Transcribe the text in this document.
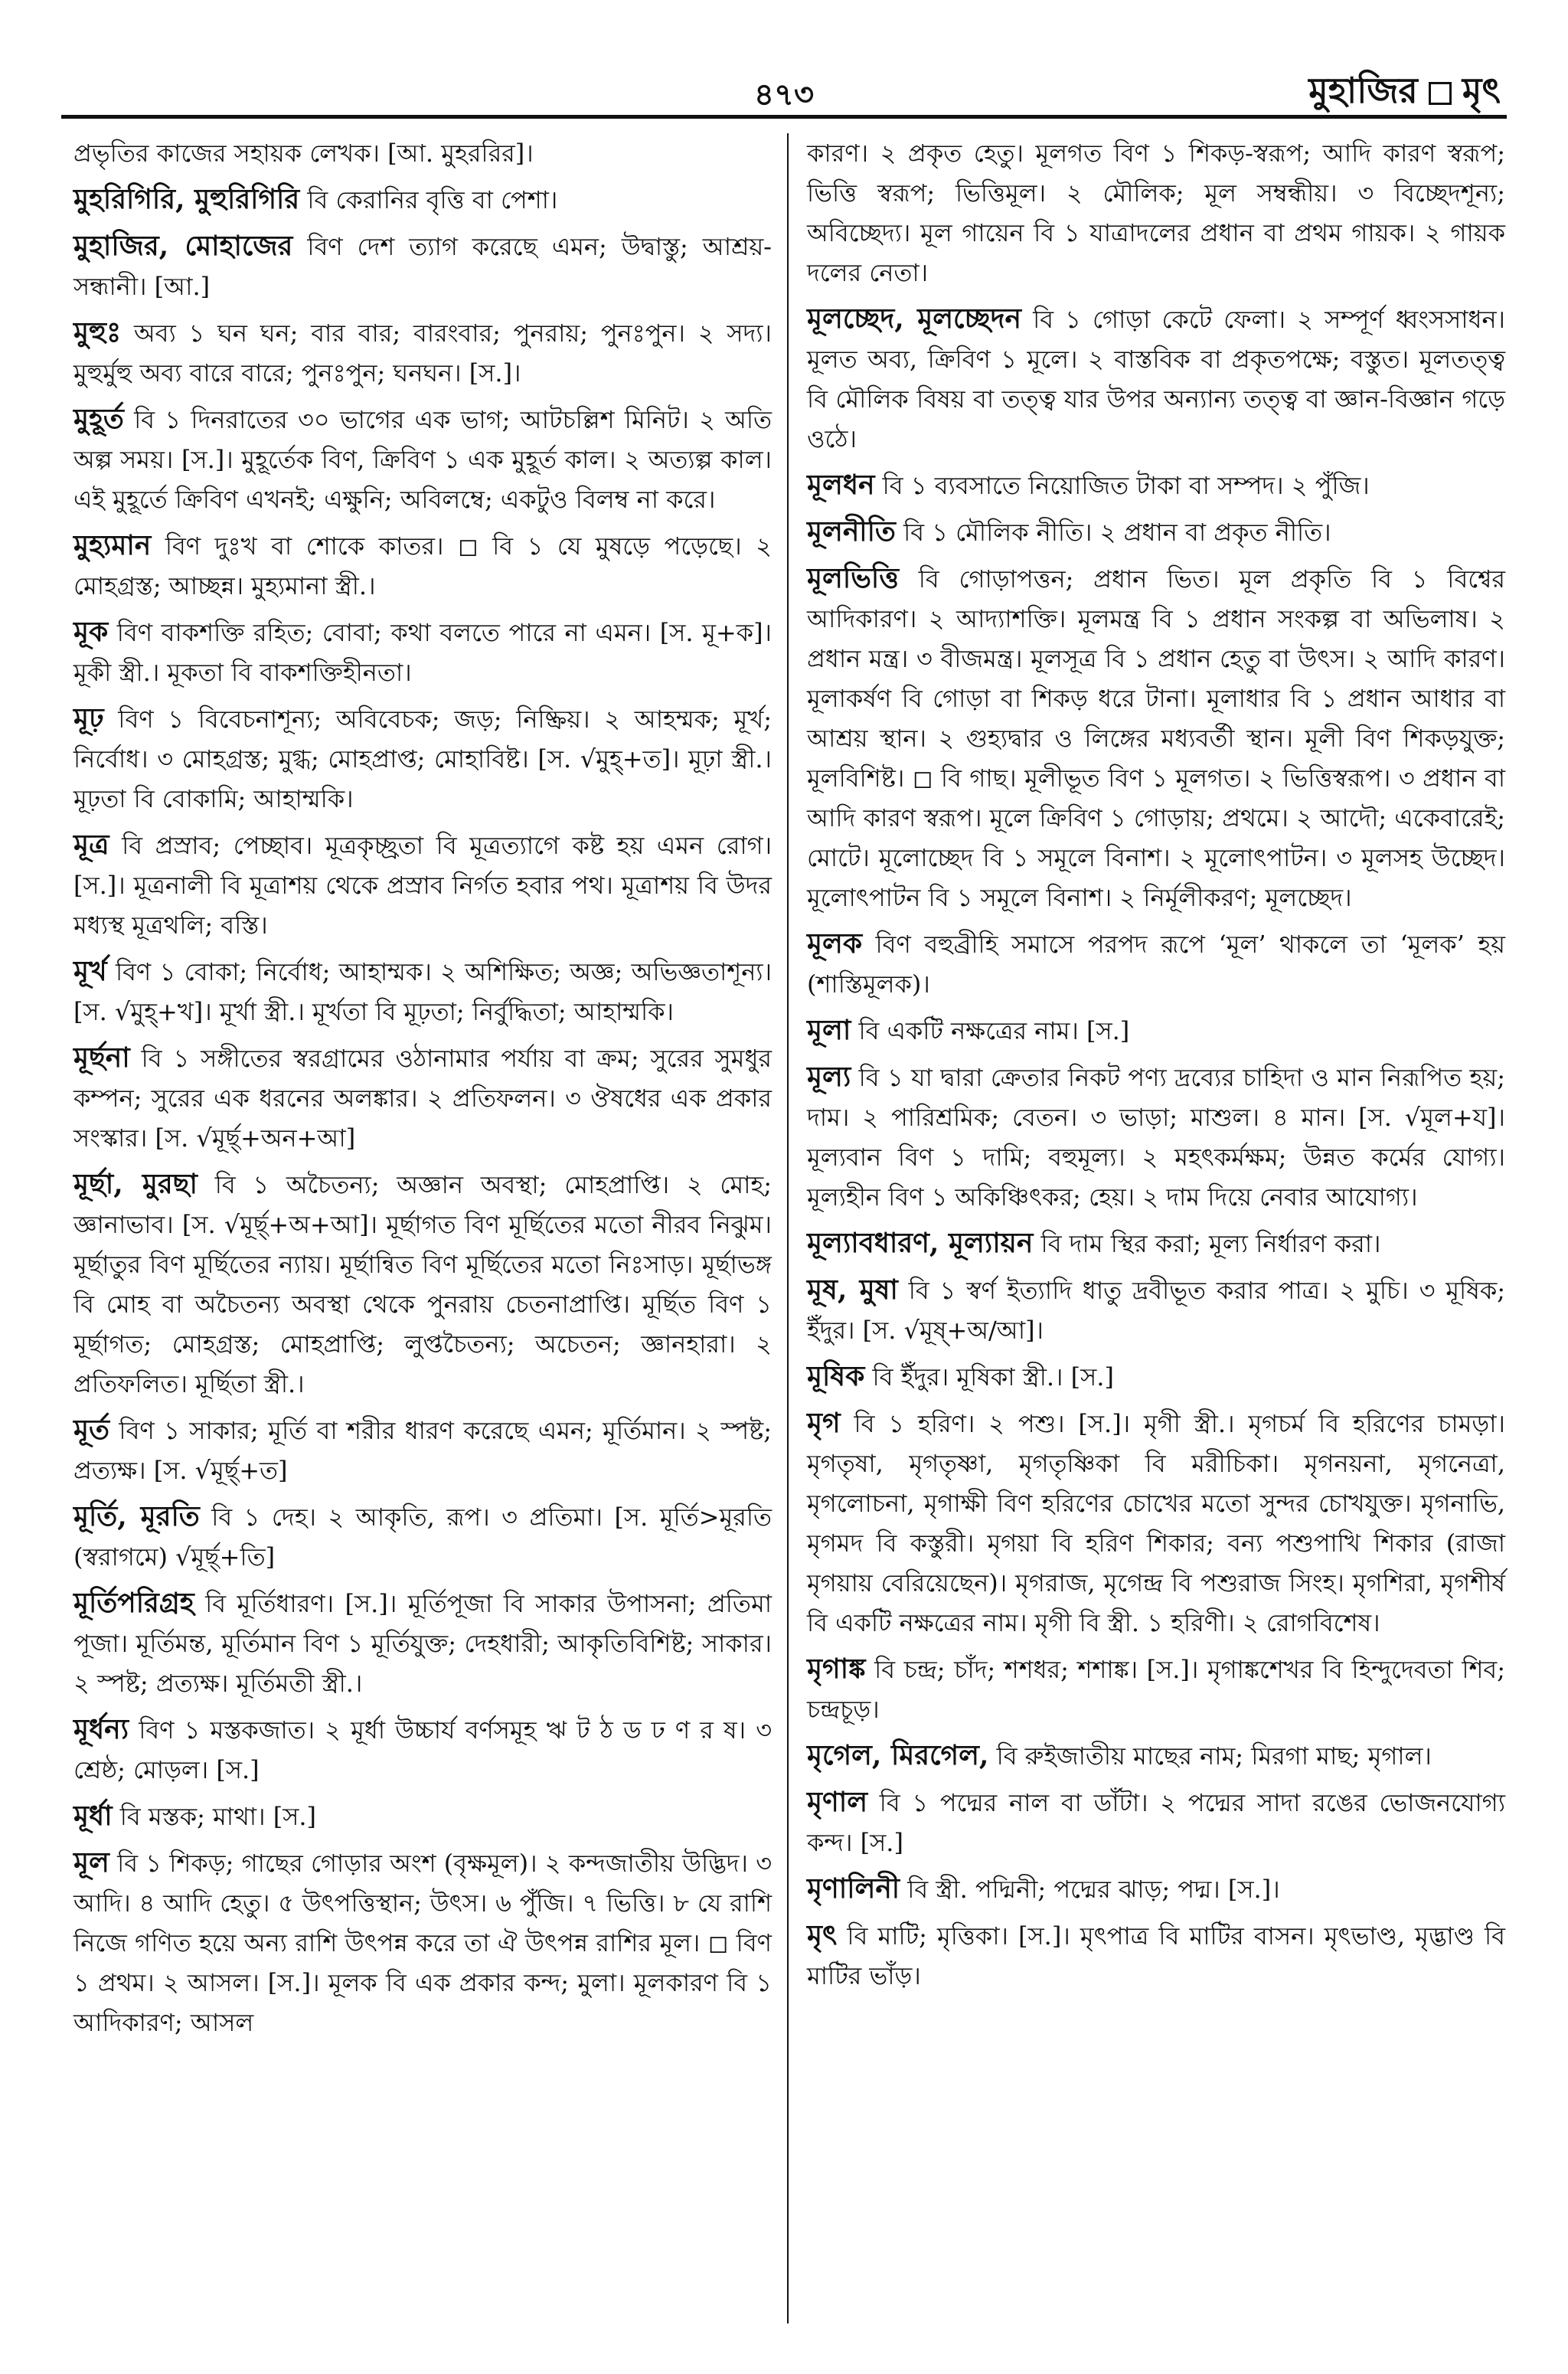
৪৭৩	মুহাজির মৃৎ

প্রভৃতির কাজের সহায়ক লেখক। [আ. মুহররির]।

মুহরিগিরি, মুহুরিগিরি বি কেরানির বৃত্তি বা পেশা।

মুহাজির, মোহাজের বিণ দেশ ত্যাগ করেছে এমন; উদ্বাস্তু; আশ্রয়-সন্ধানী। [আ.]

মুহুঃ অব্য ১ ঘন ঘন; বার বার; বারংবার; পুনরায়; পুনঃপুন। ২ সদ্য। মুহুর্মুহু অব্য বারে বারে; পুনঃপুন; ঘনঘন। [স.]।

মুহূর্ত বি ১ দিনরাতের ৩০ ভাগের এক ভাগ; আটচল্লিশ মিনিট। ২ অতি অল্প সময়। [স.]। মুহূর্তেক বিণ, ক্রিবিণ ১ এক মুহূর্ত কাল। ২ অত্যল্প কাল। এই মুহূর্তে ক্রিবিণ এখনই; এক্ষুনি; অবিলম্বে; একটুও বিলম্ব না করে।

মুহ্যমান বিণ দুঃখ বা শোকে কাতর। ◻ বি ১ যে মুষড়ে পড়েছে। ২ মোহগ্রস্ত; আচ্ছন্ন। মুহ্যমানা স্ত্রী.।

মূক বিণ বাকশক্তি রহিত; বোবা; কথা বলতে পারে না এমন। [স. মূ+ক]। মূকী স্ত্রী.। মূকতা বি বাকশক্তিহীনতা।

মূঢ় বিণ ১ বিবেচনাশূন্য; অবিবেচক; জড়; নিষ্ক্রিয়। ২ আহম্মক; মূর্খ; নির্বোধ। ৩ মোহগ্রস্ত; মুগ্ধ; মোহপ্রাপ্ত; মোহাবিষ্ট। [স. √মুহ্+ত]। মূঢ়া স্ত্রী.। মূঢ়তা বি বোকামি; আহাম্মকি।

মূত্র বি প্রস্রাব; পেচ্ছাব। মূত্রকৃচ্ছ্রতা বি মূত্রত্যাগে কষ্ট হয় এমন রোগ। [স.]। মূত্রনালী বি মূত্রাশয় থেকে প্রস্রাব নির্গত হবার পথ। মূত্রাশয় বি উদর মধ্যস্থ মূত্রথলি; বস্তি।

মূর্খ বিণ ১ বোকা; নির্বোধ; আহাম্মক। ২ অশিক্ষিত; অজ্ঞ; অভিজ্ঞতাশূন্য। [স. √মুহ্+খ]। মূর্খা স্ত্রী.। মূর্খতা বি মূঢ়তা; নির্বুদ্ধিতা; আহাম্মকি।

মূর্ছনা বি ১ সঙ্গীতের স্বরগ্রামের ওঠানামার পর্যায় বা ক্রম; সুরের সুমধুর কম্পন; সুরের এক ধরনের অলঙ্কার। ২ প্রতিফলন। ৩ ঔষধের এক প্রকার সংস্কার। [স. √মূর্ছ্+অন+আ]

মূর্ছা, মুরছা বি ১ অচৈতন্য; অজ্ঞান অবস্থা; মোহপ্রাপ্তি। ২ মোহ; জ্ঞানাভাব। [স. √মূর্ছ্+অ+আ]। মূর্ছাগত বিণ মূর্ছিতের মতো নীরব নিঝুম। মূর্ছাতুর বিণ মূর্ছিতের ন্যায়। মূর্ছান্বিত বিণ মূর্ছিতের মতো নিঃসাড়। মূর্ছাভঙ্গ বি মোহ বা অচৈতন্য অবস্থা থেকে পুনরায় চেতনাপ্রাপ্তি। মূর্ছিত বিণ ১ মূর্ছাগত; মোহগ্রস্ত; মোহপ্রাপ্তি; লুপ্তচৈতন্য; অচেতন; জ্ঞানহারা। ২ প্রতিফলিত। মূর্ছিতা স্ত্রী.।

মূর্ত বিণ ১ সাকার; মূর্তি বা শরীর ধারণ করেছে এমন; মূর্তিমান। ২ স্পষ্ট; প্রত্যক্ষ। [স. √মূর্ছ্+ত]

মূর্তি, মূরতি বি ১ দেহ। ২ আকৃতি, রূপ। ৩ প্রতিমা। [স. মূর্তি>মূরতি (স্বরাগমে) √মূর্ছ্+তি]

মূর্তিপরিগ্রহ বি মূর্তিধারণ। [স.]। মূর্তিপূজা বি সাকার উপাসনা; প্রতিমা পূজা। মূর্তিমন্ত, মূর্তিমান বিণ ১ মূর্তিযুক্ত; দেহধারী; আকৃতিবিশিষ্ট; সাকার। ২ স্পষ্ট; প্রত্যক্ষ। মূর্তিমতী স্ত্রী.।

মূর্ধন্য বিণ ১ মস্তকজাত। ২ মূর্ধা উচ্চার্য বর্ণসমূহ ঋ ট ঠ ড ঢ ণ র ষ। ৩ শ্রেষ্ঠ; মোড়ল। [স.]

মূর্ধা বি মস্তক; মাথা। [স.]

মূল বি ১ শিকড়; গাছের গোড়ার অংশ (বৃক্ষমূল)। ২ কন্দজাতীয় উদ্ভিদ। ৩ আদি। ৪ আদি হেতু। ৫ উৎপত্তিস্থান; উৎস। ৬ পুঁজি। ৭ ভিত্তি। ৮ যে রাশি নিজে গণিত হয়ে অন্য রাশি উৎপন্ন করে তা ঐ উৎপন্ন রাশির মূল। ◻ বিণ ১ প্রথম। ২ আসল। [স.]। মূলক বি এক প্রকার কন্দ; মুলা। মূলকারণ বি ১ আদিকারণ; আসল

কারণ। ২ প্রকৃত হেতু। মূলগত বিণ ১ শিকড়-স্বরূপ; আদি কারণ স্বরূপ; ভিত্তি স্বরূপ; ভিত্তিমূল। ২ মৌলিক; মূল সম্বন্ধীয়। ৩ বিচ্ছেদশূন্য; অবিচ্ছেদ্য। মূল গায়েন বি ১ যাত্রাদলের প্রধান বা প্রথম গায়ক। ২ গায়ক দলের নেতা।

মূলচ্ছেদ, মূলচ্ছেদন বি ১ গোড়া কেটে ফেলা। ২ সম্পূর্ণ ধ্বংসসাধন। মূলত অব্য, ক্রিবিণ ১ মূলে। ২ বাস্তবিক বা প্রকৃতপক্ষে; বস্তুত। মূলতত্ত্ব বি মৌলিক বিষয় বা তত্ত্ব যার উপর অন্যান্য তত্ত্ব বা জ্ঞান-বিজ্ঞান গড়ে ওঠে।

মূলধন বি ১ ব্যবসাতে নিয়োজিত টাকা বা সম্পদ। ২ পুঁজি।

মূলনীতি বি ১ মৌলিক নীতি। ২ প্রধান বা প্রকৃত নীতি।

মূলভিত্তি বি গোড়াপত্তন; প্রধান ভিত। মূল প্রকৃতি বি ১ বিশ্বের আদিকারণ। ২ আদ্যাশক্তি। মূলমন্ত্র বি ১ প্রধান সংকল্প বা অভিলাষ। ২ প্রধান মন্ত্র। ৩ বীজমন্ত্র। মূলসূত্র বি ১ প্রধান হেতু বা উৎস। ২ আদি কারণ। মূলাকর্ষণ বি গোড়া বা শিকড় ধরে টানা। মূলাধার বি ১ প্রধান আধার বা আশ্রয় স্থান। ২ গুহ্যদ্বার ও লিঙ্গের মধ্যবর্তী স্থান। মূলী বিণ শিকড়যুক্ত; মূলবিশিষ্ট। ◻ বি গাছ। মূলীভূত বিণ ১ মূলগত। ২ ভিত্তিস্বরূপ। ৩ প্রধান বা আদি কারণ স্বরূপ। মূলে ক্রিবিণ ১ গোড়ায়; প্রথমে। ২ আদৌ; একেবারেই; মোটে। মূলোচ্ছেদ বি ১ সমূলে বিনাশ। ২ মূলোৎপাটন। ৩ মূলসহ উচ্ছেদ। মূলোৎপাটন বি ১ সমূলে বিনাশ। ২ নির্মূলীকরণ; মূলচ্ছেদ।

মূলক বিণ বহুব্রীহি সমাসে পরপদ রূপে ‘মূল’ থাকলে তা ‘মূলক’ হয় (শাস্তিমূলক)।

মূলা বি একটি নক্ষত্রের নাম। [স.]

মূল্য বি ১ যা দ্বারা ক্রেতার নিকট পণ্য দ্রব্যের চাহিদা ও মান নিরূপিত হয়; দাম। ২ পারিশ্রমিক; বেতন। ৩ ভাড়া; মাশুল। ৪ মান। [স. √মূল+য]। মূল্যবান বিণ ১ দামি; বহুমূল্য। ২ মহৎকর্মক্ষম; উন্নত কর্মের যোগ্য। মূল্যহীন বিণ ১ অকিঞ্চিৎকর; হেয়। ২ দাম দিয়ে নেবার আযোগ্য।

মূল্যাবধারণ, মূল্যায়ন বি দাম স্থির করা; মূল্য নির্ধারণ করা।

মূষ, মুষা বি ১ স্বর্ণ ইত্যাদি ধাতু দ্রবীভূত করার পাত্র। ২ মুচি। ৩ মূষিক; ইঁদুর। [স. √মূষ্+অ/আ]।

মূষিক বি ইঁদুর। মূষিকা স্ত্রী.। [স.]

মৃগ বি ১ হরিণ। ২ পশু। [স.]। মৃগী স্ত্রী.। মৃগচর্ম বি হরিণের চামড়া। মৃগতৃষা, মৃগতৃষ্ণা, মৃগতৃষ্ণিকা বি মরীচিকা। মৃগনয়না, মৃগনেত্রা, মৃগলোচনা, মৃগাক্ষী বিণ হরিণের চোখের মতো সুন্দর চোখযুক্ত। মৃগনাভি, মৃগমদ বি কস্তুরী। মৃগয়া বি হরিণ শিকার; বন্য পশুপাখি শিকার (রাজা মৃগয়ায় বেরিয়েছেন)। মৃগরাজ, মৃগেন্দ্র বি পশুরাজ সিংহ। মৃগশিরা, মৃগশীর্ষ বি একটি নক্ষত্রের নাম। মৃগী বি স্ত্রী. ১ হরিণী। ২ রোগবিশেষ।

মৃগাঙ্ক বি চন্দ্র; চাঁদ; শশধর; শশাঙ্ক। [স.]। মৃগাঙ্কশেখর বি হিন্দুদেবতা শিব; চন্দ্রচূড়।

মৃগেল, মিরগেল, বি রুইজাতীয় মাছের নাম; মিরগা মাছ; মৃগাল।

মৃণাল বি ১ পদ্মের নাল বা ডাঁটা। ২ পদ্মের সাদা রঙের ভোজনযোগ্য কন্দ। [স.]

মৃণালিনী বি স্ত্রী. পদ্মিনী; পদ্মের ঝাড়; পদ্ম। [স.]।

মৃৎ বি মাটি; মৃত্তিকা। [স.]। মৃৎপাত্র বি মাটির বাসন। মৃৎভাণ্ড, মৃদ্ভাণ্ড বি মাটির ভাঁড়।
